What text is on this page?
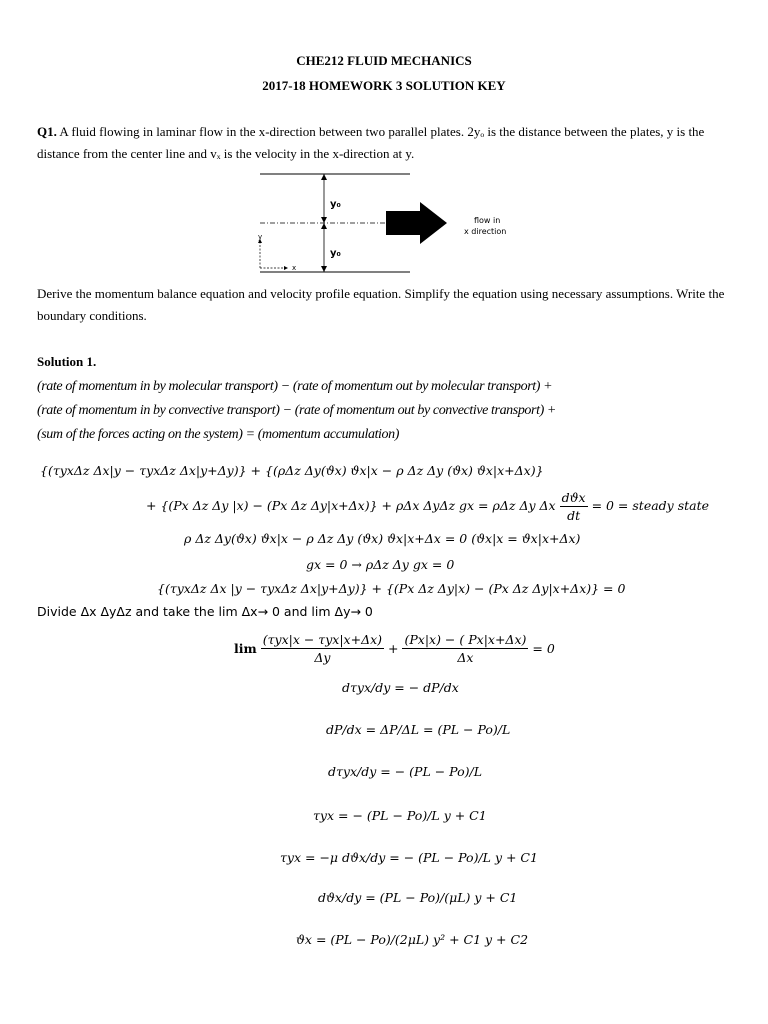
CHE212 FLUID MECHANICS
2017-18 HOMEWORK 3 SOLUTION KEY
Q1. A fluid flowing in laminar flow in the x-direction between two parallel plates. 2yₒ is the distance between the plates, y is the distance from the center line and vₓ is the velocity in the x-direction at y.
y₀
y₀
flow in
x direction
y
x
Derive the momentum balance equation and velocity profile equation. Simplify the equation using necessary assumptions. Write the boundary conditions.
Solution 1.
(rate of momentum in by molecular transport) − (rate of momentum out by molecular transport) +
(rate of momentum in by convective transport) − (rate of momentum out by convective transport) +
(sum of the forces acting on the system) = (momentum accumulation)
{(τyxΔz Δx|y − τyxΔz Δx|y+Δy)} + {(ρΔz Δy(ϑx) ϑx|x − ρ Δz Δy (ϑx) ϑx|x+Δx)}
+ {(Px Δz Δy |x) − (Px Δz Δy|x+Δx)} + ρΔx ΔyΔz gx = ρΔz Δy Δx $\frac{\text{dϑx}}{dt} = 0$ = steady state
ρ Δz Δy(ϑx) ϑx|x − ρ Δz Δy (ϑx) ϑx|x+Δx = 0 (ϑx|x = ϑx|x+Δx)
gx = 0 → ρΔz Δy gx = 0
{(τyxΔz Δx |y − τyxΔz Δx|y+Δy)} + {(Px Δz Δy|x) − (Px Δz Δy|x+Δx)} = 0
Divide Δx ΔyΔz and take the lim Δx→ 0 and lim Δy→ 0
$\lim \frac{\text{(τyx|x − τyx|x+Δx)}}{\Delta y} + \frac{(Px|x) - ( Px|x+\Delta x)}{\Delta x} = 0$
dτyx/dy = − dP/dx
dP/dx = ΔP/ΔL = (PL − Po)/L
dτyx/dy = − (PL − Po)/L
τyx = − (PL − Po)/L y + C1
τyx = −μ dϑx/dy = − (PL − Po)/L y + C1
dϑx/dy = (PL − Po)/(μL) y + C1
ϑx = (PL − Po)/(2μL) y² + C1 y + C2
